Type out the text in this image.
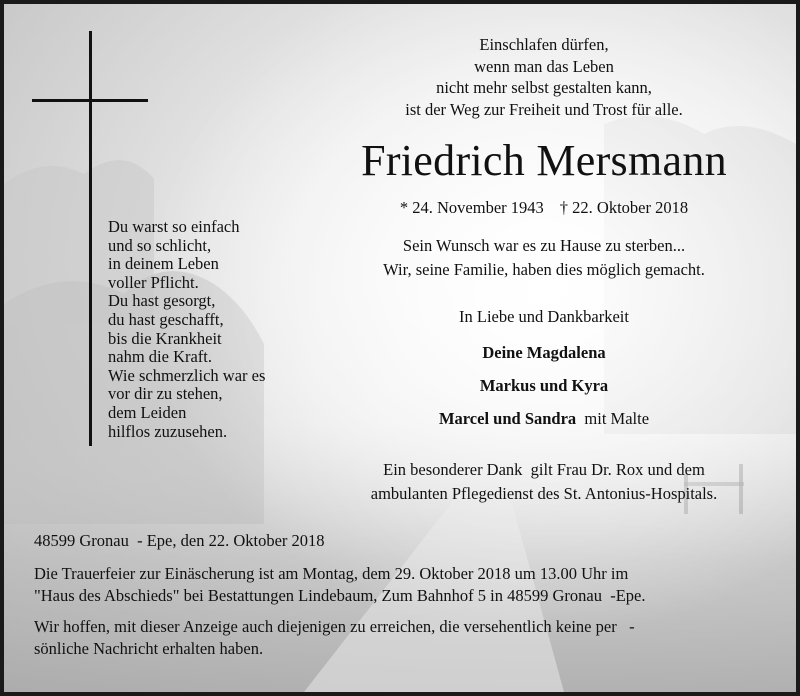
Du warst so einfach
und so schlicht,
in deinem Leben
voller Pflicht.
Du hast gesorgt,
du hast geschafft,
bis die Krankheit
nahm die Kraft.
Wie schmerzlich war es
vor dir zu stehen,
dem Leiden
hilflos zuzusehen.
Einschlafen dürfen,
wenn man das Leben
nicht mehr selbst gestalten kann,
ist der Weg zur Freiheit und Trost für alle.
Friedrich Mersmann
* 24. November 1943 † 22. Oktober 2018
Sein Wunsch war es zu Hause zu sterben...
Wir, seine Familie, haben dies möglich gemacht.
In Liebe und Dankbarkeit
Deine Magdalena
Markus und Kyra
Marcel und Sandra mit Malte
Ein besonderer Dank  gilt Frau Dr. Rox und dem
ambulanten Pflegedienst des St. Antonius-Hospitals.
48599 Gronau  - Epe, den 22. Oktober 2018
Die Trauerfeier zur Einäscherung ist am Montag, dem 29. Oktober 2018 um 13.00 Uhr im
"Haus des Abschieds" bei Bestattungen Lindebaum, Zum Bahnhof 5 in 48599 Gronau  -Epe.
Wir hoffen, mit dieser Anzeige auch diejenigen zu erreichen, die versehentlich keine per   -
sönliche Nachricht erhalten haben.
